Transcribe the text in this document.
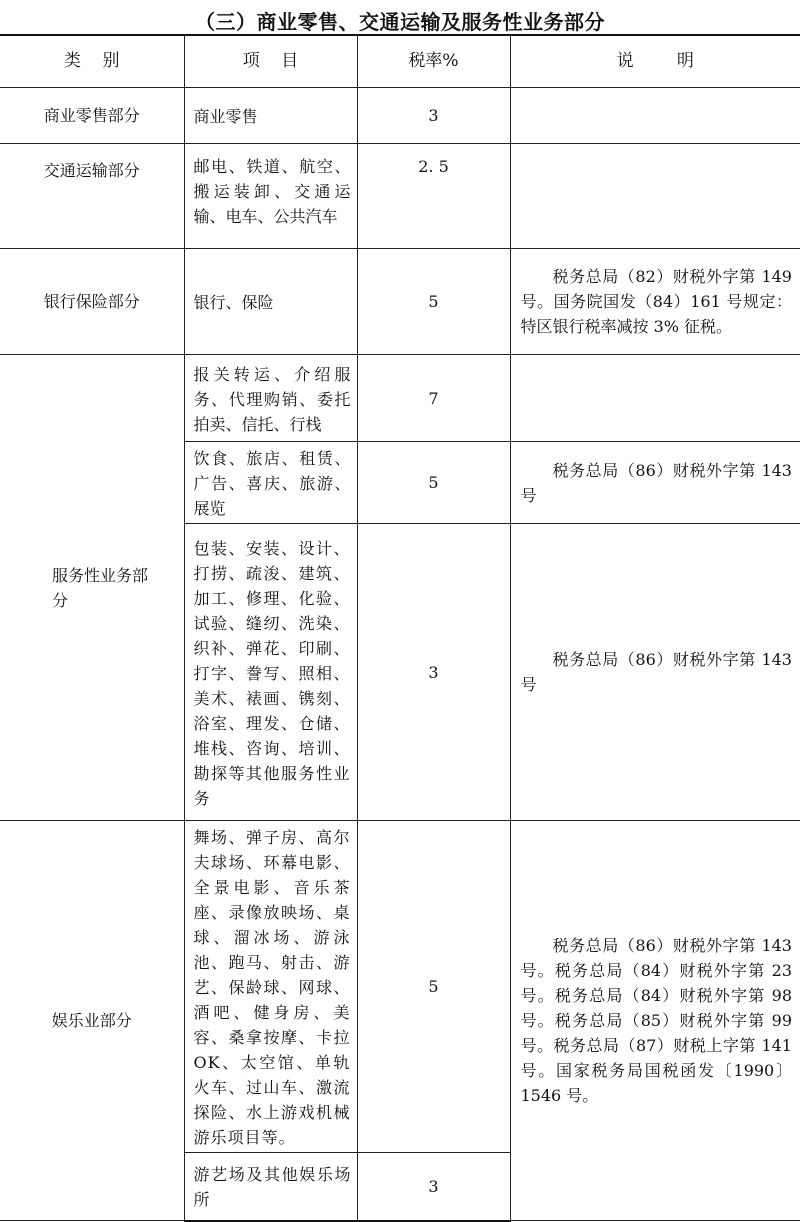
（三）商业零售、交通运输及服务性业务部分
类    别	项    目	税率%	说        明
商业零售部分	商业零售	3	
交通运输部分	邮电、铁道、航空、搬运装卸、交通运输、电车、公共汽车	2. 5	
银行保险部分	银行、保险	5	税务总局（82）财税外字第 149 号。国务院国发（84）161 号规定：特区银行税率减按 3% 征税。

服务性业务部分	报关转运、介绍服务、代理购销、委托拍卖、信托、行栈	7	
	饮食、旅店、租赁、广告、喜庆、旅游、展览	5	税务总局（86）财税外字第 143 号
	包装、安装、设计、打捞、疏浚、建筑、加工、修理、化验、试验、缝纫、洗染、织补、弹花、印刷、打字、誊写、照相、美术、裱画、镌刻、浴室、理发、仓储、堆栈、咨询、培训、勘探等其他服务性业务	3	税务总局（86）财税外字第 143 号
娱乐业部分	舞场、弹子房、高尔夫球场、环幕电影、全景电影、音乐茶座、录像放映场、桌球、溜冰场、游泳池、跑马、射击、游艺、保龄球、网球、酒吧、健身房、美容、桑拿按摩、卡拉OK、太空馆、单轨火车、过山车、激流探险、水上游戏机械游乐项目等。	5	税务总局（86）财税外字第 143 号。税务总局（84）财税外字第 23 号。税务总局（84）财税外字第 98 号。税务总局（85）财税外字第 99 号。税务总局（87）财税上字第 141 号。国家税务局国税函发〔1990〕1546 号。
	游艺场及其他娱乐场所	3	
